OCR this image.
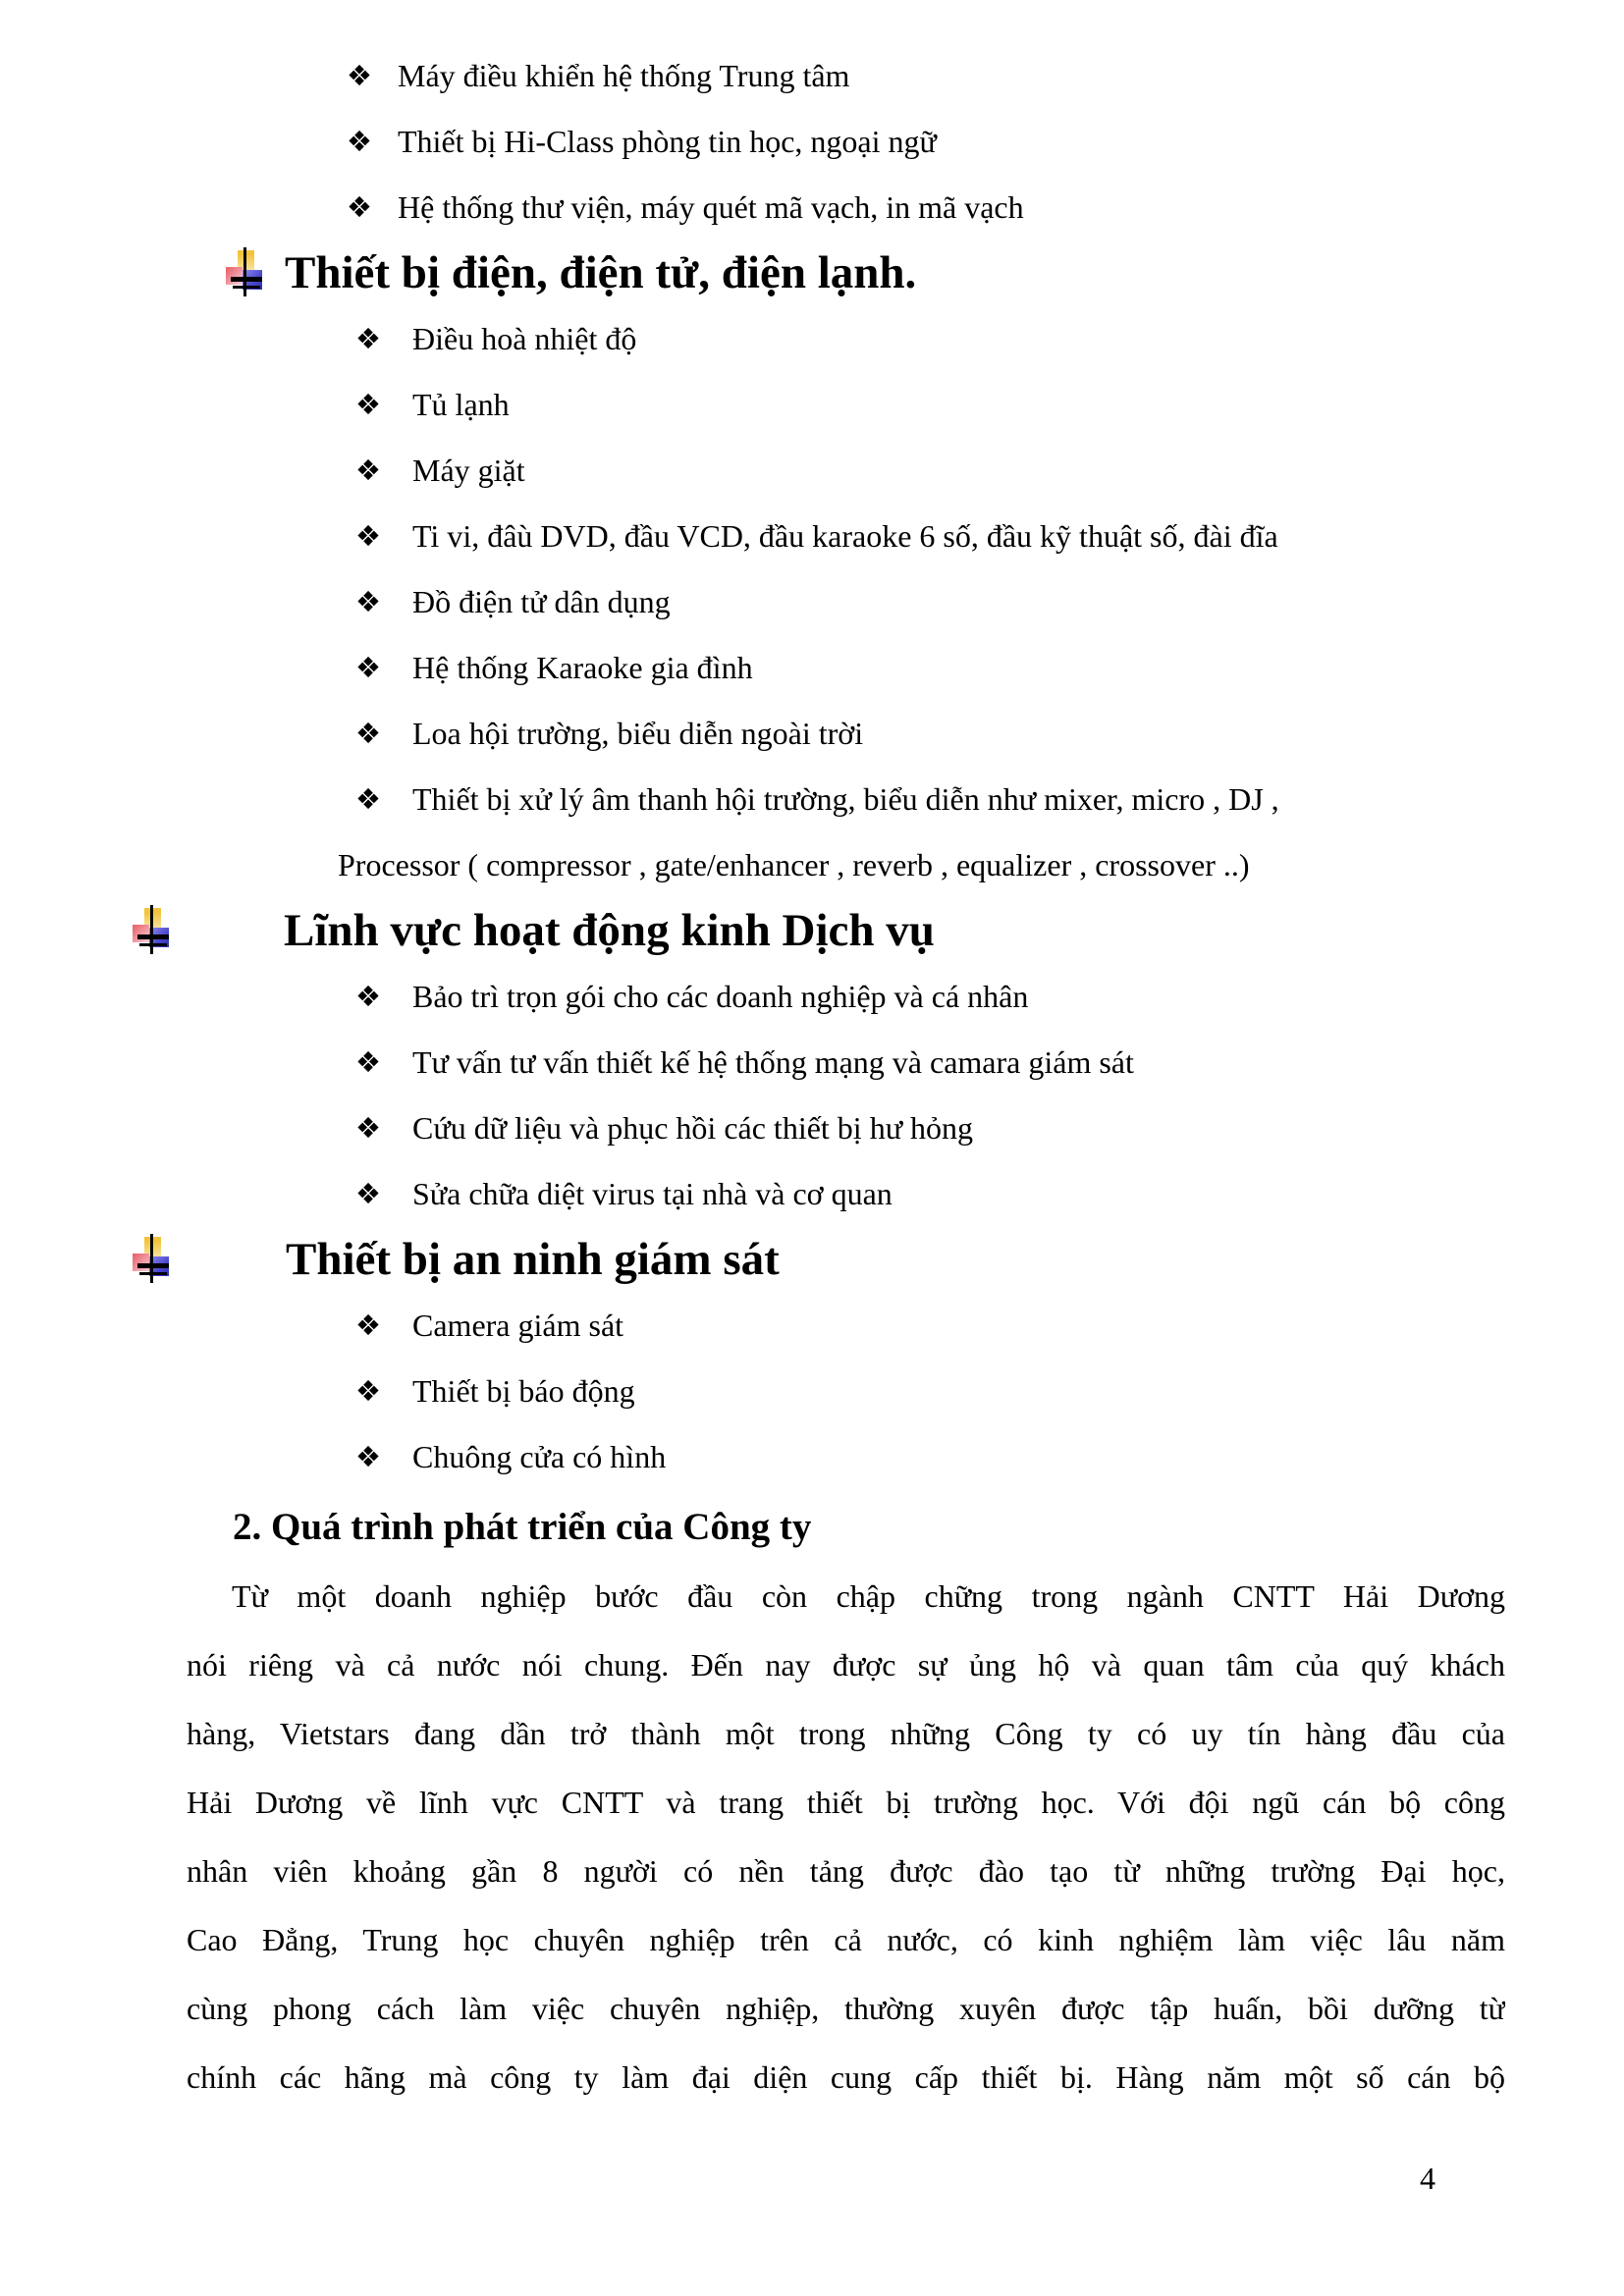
❖ Máy điều khiển hệ thống Trung tâm
❖ Thiết bị Hi-Class phòng tin học, ngoại ngữ
❖ Hệ thống thư viện, máy quét mã vạch, in mã vạch
Thiết bị điện, điện tử, điện lạnh.
❖ Điều hoà nhiệt độ
❖ Tủ lạnh
❖ Máy giặt
❖ Ti vi, đâù DVD, đầu VCD, đầu karaoke 6 số, đầu kỹ thuật số, đài đĩa
❖ Đồ điện tử dân dụng
❖ Hệ thống Karaoke gia đình
❖ Loa hội trường, biểu diễn ngoài trời
❖ Thiết bị xử lý âm thanh hội trường, biểu diễn như mixer, micro , DJ ,
Processor ( compressor , gate/enhancer , reverb , equalizer , crossover ..)
Lĩnh vực hoạt động kinh Dịch vụ
❖ Bảo trì trọn gói cho các doanh nghiệp và cá nhân
❖ Tư vấn tư vấn thiết kế hệ thống mạng và camara giám sát
❖ Cứu dữ liệu và phục hồi các thiết bị hư hỏng
❖ Sửa chữa diệt virus tại nhà và cơ quan
Thiết bị an ninh giám sát
❖ Camera giám sát
❖ Thiết bị báo động
❖ Chuông cửa có hình
2. Quá trình phát triển của Công ty
Từ một doanh nghiệp bước đầu còn chập chững trong ngành CNTT Hải Dương
nói riêng và cả nước nói chung. Đến nay được sự ủng hộ và quan tâm của quý khách
hàng, Vietstars đang dần trở thành một trong những Công ty có uy tín hàng đầu của
Hải Dương về lĩnh vực CNTT và trang thiết bị trường học. Với đội ngũ cán bộ công
nhân viên khoảng gần 8 người có nền tảng được đào tạo từ những trường Đại học,
Cao Đẳng, Trung học chuyên nghiệp trên cả nước, có kinh nghiệm làm việc lâu năm
cùng phong cách làm việc chuyên nghiệp, thường xuyên được tập huấn, bồi dưỡng từ
chính các hãng mà công ty làm đại diện cung cấp thiết bị. Hàng năm một số cán bộ
4
